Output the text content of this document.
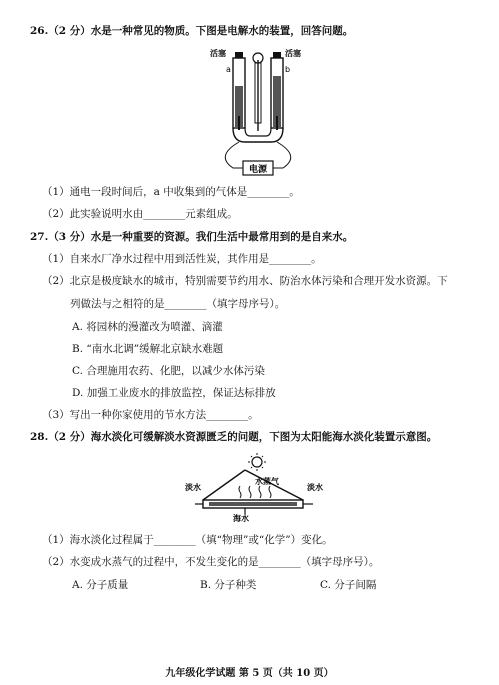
26.（2 分）水是一种常见的物质。下图是电解水的装置，回答问题。
电源
活塞	活塞
a	b
（1）通电一段时间后，a 中收集到的气体是________。
（2）此实验说明水由________元素组成。
27.（3 分）水是一种重要的资源。我们生活中最常用到的是自来水。
（1）自来水厂净水过程中用到活性炭，其作用是________。
（2）北京是极度缺水的城市，特别需要节约用水、防治水体污染和合理开发水资源。下
列做法与之相符的是________（填字母序号）。
A. 将园林的漫灌改为喷灌、滴灌
B. “南水北调”缓解北京缺水难题
C. 合理施用农药、化肥，以减少水体污染
D. 加强工业废水的排放监控，保证达标排放
（3）写出一种你家使用的节水方法________。
28.（2 分）海水淡化可缓解淡水资源匮乏的问题，下图为太阳能海水淡化装置示意图。
淡水
水蒸气
淡水
海水
（1）海水淡化过程属于________（填“物理”或“化学”）变化。
（2）水变成水蒸气的过程中，不发生变化的是________（填字母序号）。
A. 分子质量	B. 分子种类	C. 分子间隔
九年级化学试题 第 5 页（共 10 页）
